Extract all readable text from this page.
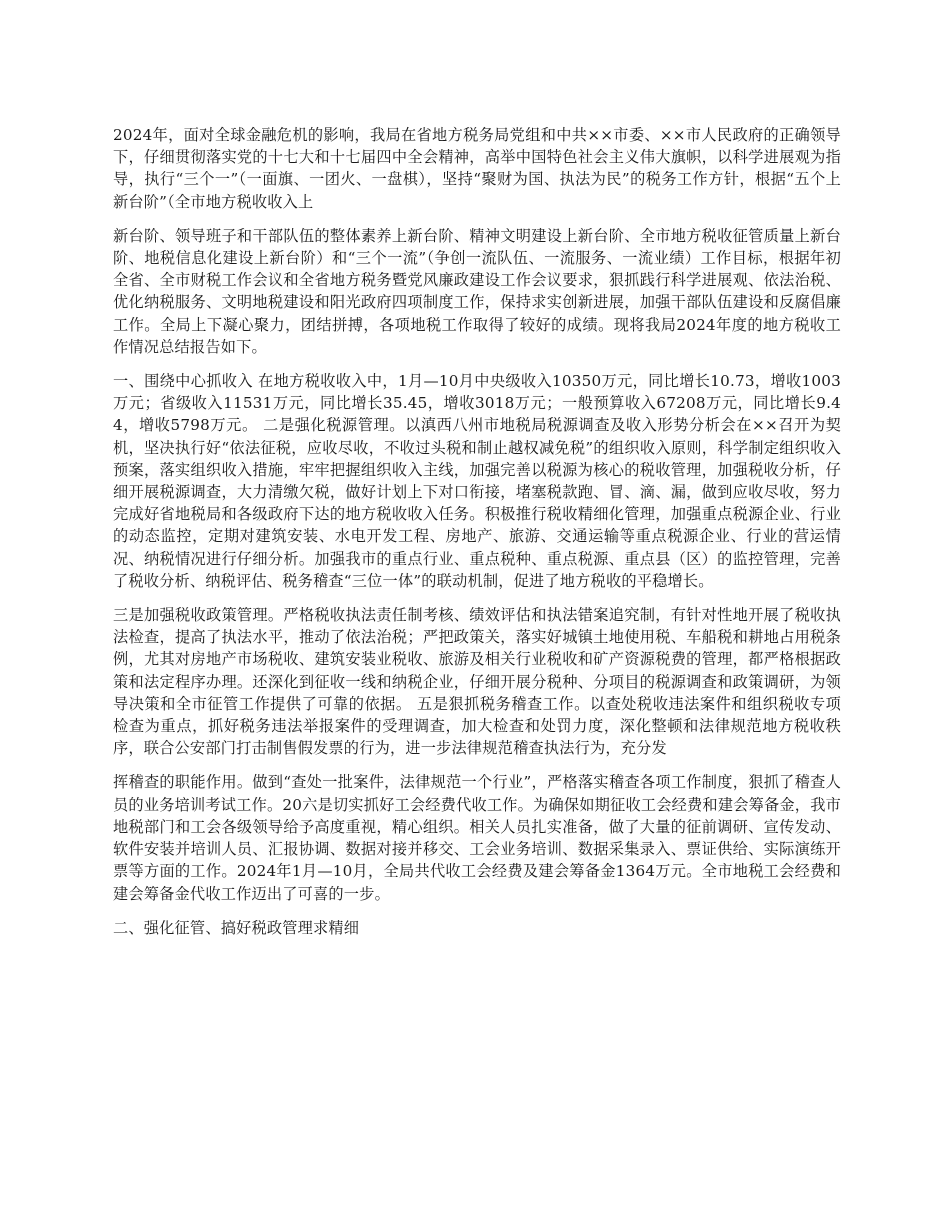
2024年，面对全球金融危机的影响，我局在省地方税务局党组和中共××市委、××市人民政府的正确领导下，仔细贯彻落实党的十七大和十七届四中全会精神，高举中国特色社会主义伟大旗帜，以科学进展观为指导，执行“三个一”（一面旗、一团火、一盘棋），坚持“聚财为国、执法为民”的税务工作方针，根据“五个上新台阶”（全市地方税收收入上

新台阶、领导班子和干部队伍的整体素养上新台阶、精神文明建设上新台阶、全市地方税收征管质量上新台阶、地税信息化建设上新台阶）和“三个一流”（争创一流队伍、一流服务、一流业绩）工作目标，根据年初全省、全市财税工作会议和全省地方税务暨党风廉政建设工作会议要求，狠抓践行科学进展观、依法治税、优化纳税服务、文明地税建设和阳光政府四项制度工作，保持求实创新进展，加强干部队伍建设和反腐倡廉工作。全局上下凝心聚力，团结拼搏，各项地税工作取得了较好的成绩。现将我局2024年度的地方税收工作情况总结报告如下。

一、围绕中心抓收入 在地方税收收入中，1月—10月中央级收入10350万元，同比增长10.73，增收1003万元；省级收入11531万元，同比增长35.45，增收3018万元；一般预算收入67208万元，同比增长9.44，增收5798万元。 二是强化税源管理。以滇西八州市地税局税源调查及收入形势分析会在××召开为契机，坚决执行好“依法征税，应收尽收，不收过头税和制止越权减免税”的组织收入原则，科学制定组织收入预案，落实组织收入措施，牢牢把握组织收入主线，加强完善以税源为核心的税收管理，加强税收分析，仔细开展税源调查，大力清缴欠税，做好计划上下对口衔接，堵塞税款跑、冒、滴、漏，做到应收尽收，努力完成好省地税局和各级政府下达的地方税收收入任务。积极推行税收精细化管理，加强重点税源企业、行业的动态监控，定期对建筑安装、水电开发工程、房地产、旅游、交通运输等重点税源企业、行业的营运情况、纳税情况进行仔细分析。加强我市的重点行业、重点税种、重点税源、重点县（区）的监控管理，完善了税收分析、纳税评估、税务稽查“三位一体”的联动机制，促进了地方税收的平稳增长。

三是加强税收政策管理。严格税收执法责任制考核、绩效评估和执法错案追究制，有针对性地开展了税收执法检查，提高了执法水平，推动了依法治税；严把政策关，落实好城镇土地使用税、车船税和耕地占用税条例，尤其对房地产市场税收、建筑安装业税收、旅游及相关行业税收和矿产资源税费的管理，都严格根据政策和法定程序办理。还深化到征收一线和纳税企业，仔细开展分税种、分项目的税源调查和政策调研，为领导决策和全市征管工作提供了可靠的依据。 五是狠抓税务稽查工作。以查处税收违法案件和组织税收专项检查为重点，抓好税务违法举报案件的受理调查，加大检查和处罚力度，深化整顿和法律规范地方税收秩序，联合公安部门打击制售假发票的行为，进一步法律规范稽查执法行为，充分发

挥稽查的职能作用。做到“查处一批案件，法律规范一个行业”，严格落实稽查各项工作制度，狠抓了稽查人员的业务培训考试工作。20六是切实抓好工会经费代收工作。为确保如期征收工会经费和建会筹备金，我市地税部门和工会各级领导给予高度重视，精心组织。相关人员扎实准备，做了大量的征前调研、宣传发动、软件安装并培训人员、汇报协调、数据对接并移交、工会业务培训、数据采集录入、票证供给、实际演练开票等方面的工作。2024年1月—10月，全局共代收工会经费及建会筹备金1364万元。全市地税工会经费和建会筹备金代收工作迈出了可喜的一步。

二、强化征管、搞好税政管理求精细
